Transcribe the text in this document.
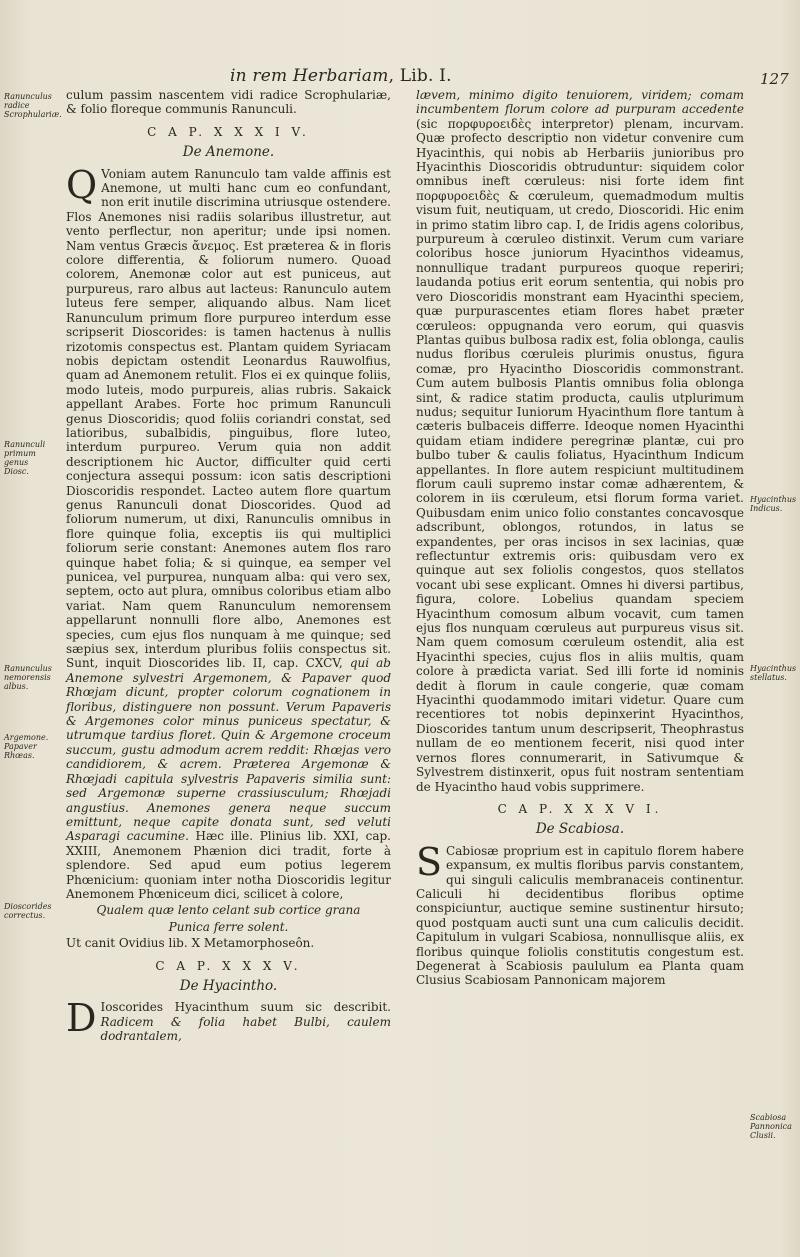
in rem Herbariam, Lib. I.	127
Ranunculus radice Scrophulariæ.
Ranunculi primum genus Diosc.
Ranunculus nemorensis albus.
Argemone. Papaver Rhœas.
Dioscorides correctus.
Hyacinthus Indicus.
Hyacinthus stellatus.
Scabiosa Pannonica Clusii.

culum passim nascentem vidi radice Scrophulariæ, & folio floreque communis Ranunculi.

C A P. X X X I V.
De Anemone.

Q Voniam autem Ranunculo tam valde affinis est Anemone, ut multi hanc cum eo confundant, non erit inutile discrimina utriusque ostendere. Flos Anemones nisi radiis solaribus illustretur, aut vento perflectur, non aperitur; unde ipsi nomen. Nam ventus Græcis ἄνεμος. Est præterea & in floris colore differentia, & foliorum numero. Quoad colorem, Anemonæ color aut est puniceus, aut purpureus, raro albus aut lacteus: Ranunculo autem luteus fere semper, aliquando albus. Nam licet Ranunculum primum flore purpureo interdum esse scripserit Dioscorides: is tamen hactenus à nullis rizotomis conspectus est. Plantam quidem Syriacam nobis depictam ostendit Leonardus Rauwolfius, quam ad Anemonem retulit. Flos ei ex quinque foliis, modo luteis, modo purpureis, alias rubris. Sakaick appellant Arabes. Forte hoc primum Ranunculi genus Dioscoridis; quod foliis coriandri constat, sed latioribus, subalbidis, pinguibus, flore luteo, interdum purpureo. Verum quia non addit descriptionem hic Auctor, difficulter quid certi conjectura assequi possum: icon satis descriptioni Dioscoridis respondet. Lacteo autem flore quartum genus Ranunculi donat Dioscorides. Quod ad foliorum numerum, ut dixi, Ranunculis omnibus in flore quinque folia, exceptis iis qui multiplici foliorum serie constant: Anemones autem flos raro quinque habet folia; & si quinque, ea semper vel punicea, vel purpurea, nunquam alba: qui vero sex, septem, octo aut plura, omnibus coloribus etiam albo variat. Nam quem Ranunculum nemorensem appellarunt nonnulli flore albo, Anemones est species, cum ejus flos nunquam à me quinque; sed sæpius sex, interdum pluribus foliis conspectus sit. Sunt, inquit Dioscorides lib. II, cap. CXCV, qui ab Anemone sylvestri Argemonem, & Papaver quod Rhœjam dicunt, propter colorum cognationem in floribus, distinguere non possunt. Verum Papaveris & Argemones color minus puniceus spectatur, & utrumque tardius floret. Quin & Argemone croceum succum, gustu admodum acrem reddit: Rhœjas vero candidiorem, & acrem. Præterea Argemonæ & Rhœjadi capitula sylvestris Papaveris similia sunt: sed Argemonæ superne crassiusculum; Rhœjadi angustius. Anemones genera neque succum emittunt, neque capite donata sunt, sed veluti Asparagi cacumine. Hæc ille. Plinius lib. XXI, cap. XXIII, Anemonem Phænion dici tradit, forte à splendore. Sed apud eum potius legerem Phœnicium: quoniam inter notha Dioscoridis legitur Anemonem Phœniceum dici, scilicet à colore,

Qualem quæ lento celant sub cortice grana
Punica ferre solent.

Ut canit Ovidius lib. X Metamorphoseôn.

C A P. X X X V.
De Hyacintho.

D Ioscorides Hyacinthum suum sic describit. Radicem & folia habet Bulbi, caulem dodrantalem,

lævem, minimo digito tenuiorem, viridem; comam incumbentem florum colore ad purpuram accedente (sic πορφυροειδὲς interpretor) plenam, incurvam. Quæ profecto descriptio non videtur convenire cum Hyacinthis, qui nobis ab Herbariis junioribus pro Hyacinthis Dioscoridis obtruduntur: siquidem color omnibus ineft cœruleus: nisi forte idem fint πορφυροειδὲς & cœruleum, quemadmodum multis visum fuit, neutiquam, ut credo, Dioscoridi. Hic enim in primo statim libro cap. I, de Iridis agens coloribus, purpureum à cœruleo distinxit. Verum cum variare coloribus hosce juniorum Hyacinthos videamus, nonnullique tradant purpureos quoque reperiri; laudanda potius erit eorum sententia, qui nobis pro vero Dioscoridis monstrant eam Hyacinthi speciem, quæ purpurascentes etiam flores habet præter cœruleos: oppugnanda vero eorum, qui quasvis Plantas quibus bulbosa radix est, folia oblonga, caulis nudus floribus cœruleis plurimis onustus, figura comæ, pro Hyacintho Dioscoridis commonstrant. Cum autem bulbosis Plantis omnibus folia oblonga sint, & radice statim producta, caulis utplurimum nudus; sequitur Iuniorum Hyacinthum flore tantum à cæteris bulbaceis differre. Ideoque nomen Hyacinthi quidam etiam indidere peregrinæ plantæ, cui pro bulbo tuber & caulis foliatus, Hyacinthum Indicum appellantes. In flore autem respiciunt multitudinem florum cauli supremo instar comæ adhærentem, & colorem in iis cœruleum, etsi florum forma variet. Quibusdam enim unico folio constantes concavosque adscribunt, oblongos, rotundos, in latus se expandentes, per oras incisos in sex lacinias, quæ reflectuntur extremis oris: quibusdam vero ex quinque aut sex foliolis congestos, quos stellatos vocant ubi sese explicant. Omnes hi diversi partibus, figura, colore. Lobelius quandam speciem Hyacinthum comosum album vocavit, cum tamen ejus flos nunquam cœruleus aut purpureus visus sit. Nam quem comosum cœruleum ostendit, alia est Hyacinthi species, cujus flos in aliis multis, quam colore à prædicta variat. Sed illi forte id nominis dedit à florum in caule congerie, quæ comam Hyacinthi quodammodo imitari videtur. Quare cum recentiores tot nobis depinxerint Hyacinthos, Dioscorides tantum unum descripserit, Theophrastus nullam de eo mentionem fecerit, nisi quod inter vernos flores connumerarit, in Sativumque & Sylvestrem distinxerit, opus fuit nostram sententiam de Hyacintho haud vobis supprimere.

C A P. X X X V I.
De Scabiosa.

S Cabiosæ proprium est in capitulo florem habere expansum, ex multis floribus parvis constantem, qui singuli caliculis membranaceis continentur. Caliculi hi decidentibus floribus optime conspiciuntur, auctique semine sustinentur hirsuto; quod postquam aucti sunt una cum caliculis decidit. Capitulum in vulgari Scabiosa, nonnullisque aliis, ex floribus quinque foliolis constitutis congestum est. Degenerat à Scabiosis paululum ea Planta quam Clusius Scabiosam Pannonicam majorem
